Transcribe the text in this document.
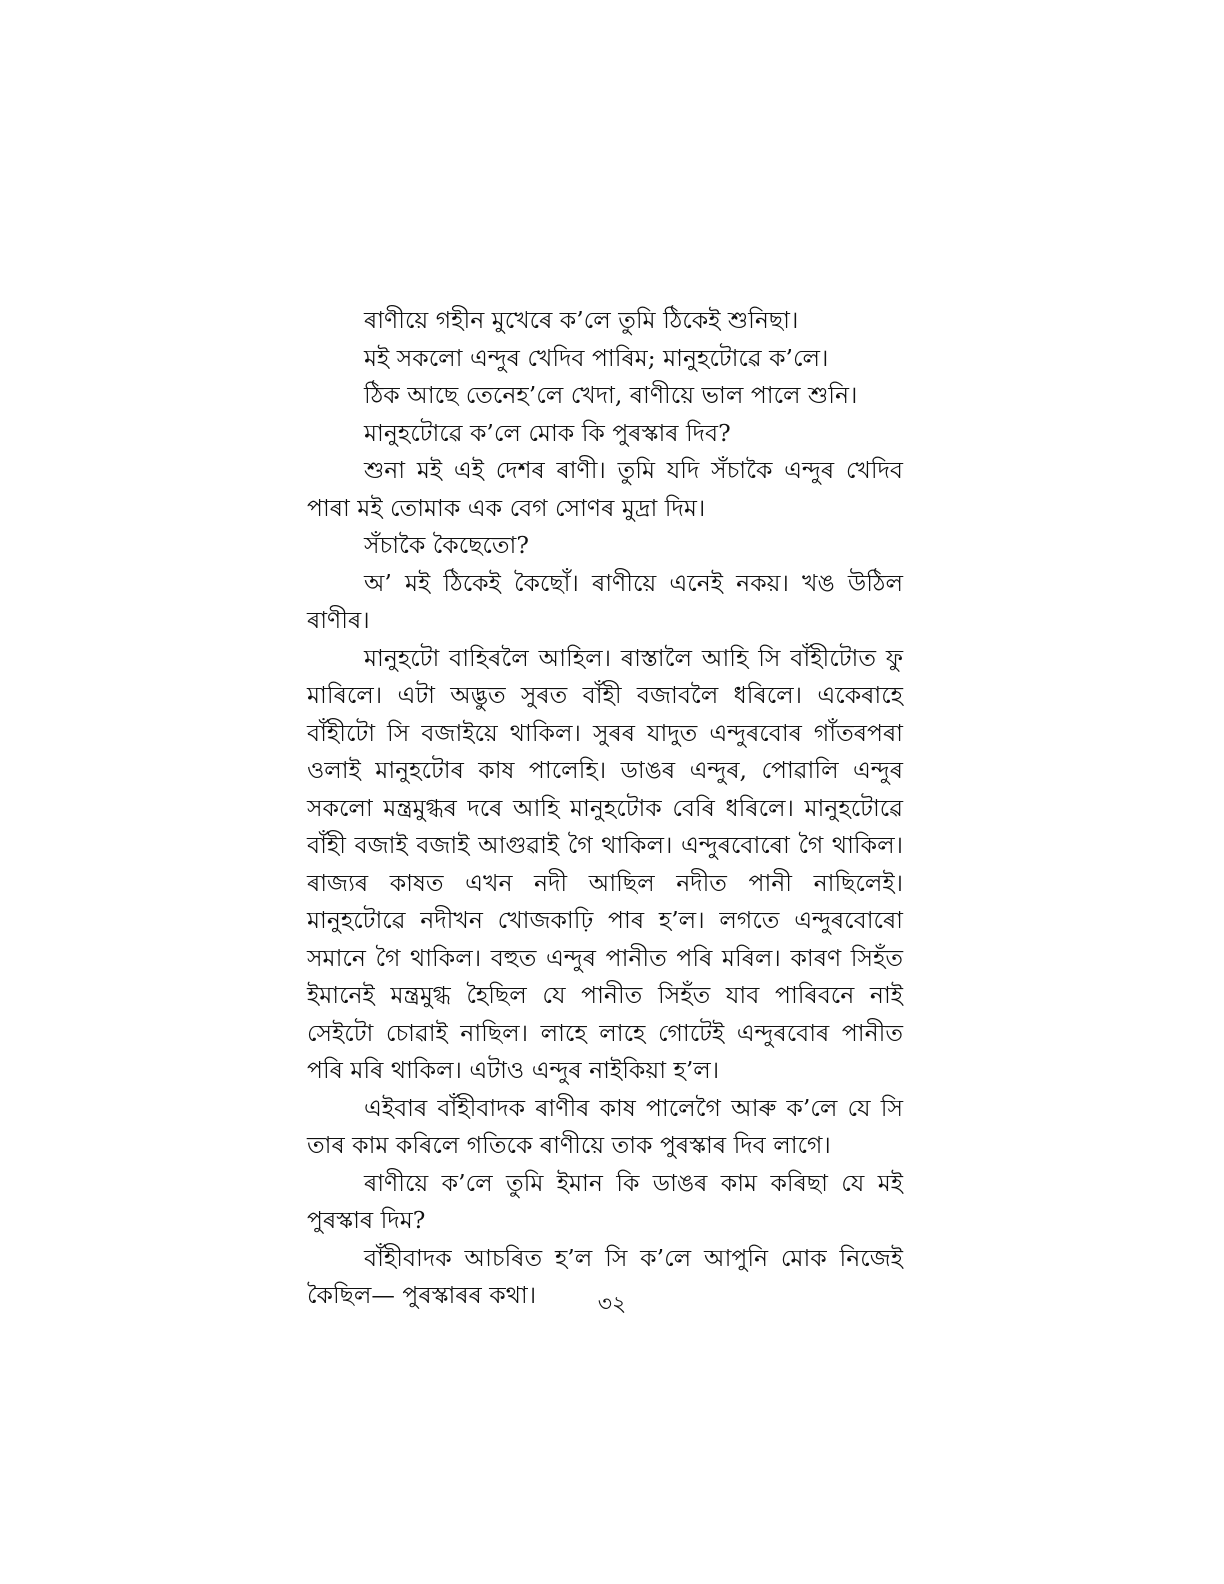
ৰাণীয়ে গহীন মুখেৰে ক’লে তুমি ঠিকেই শুনিছা।

মই সকলো এন্দুৰ খেদিব পাৰিম; মানুহটোৱে ক’লে।

ঠিক আছে তেনেহ’লে খেদা, ৰাণীয়ে ভাল পালে শুনি।

মানুহটোৱে ক’লে মোক কি পুৰস্কাৰ দিব?

শুনা মই এই দেশৰ ৰাণী। তুমি যদি সঁচাকৈ এন্দুৰ খেদিব পাৰা মই তোমাক এক বেগ সোণৰ মুদ্ৰা দিম।

সঁচাকৈ কৈছেতো?

অ’ মই ঠিকেই কৈছোঁ। ৰাণীয়ে এনেই নকয়। খঙ উঠিল ৰাণীৰ।

মানুহটো বাহিৰলৈ আহিল। ৰাস্তালৈ আহি সি বাঁহীটোত ফু মাৰিলে। এটা অদ্ভুত সুৰত বাঁহী বজাবলৈ ধৰিলে। একেৰাহে বাঁহীটো সি বজাইয়ে থাকিল। সুৰৰ যাদুত এন্দুৰবোৰ গাঁতৰপৰা ওলাই মানুহটোৰ কাষ পালেহি। ডাঙৰ এন্দুৰ, পোৱালি এন্দুৰ সকলো মন্ত্ৰমুগ্ধৰ দৰে আহি মানুহটোক বেৰি ধৰিলে। মানুহটোৱে বাঁহী বজাই বজাই আগুৱাই গৈ থাকিল। এন্দুৰবোৰো গৈ থাকিল। ৰাজ্যৰ কাষত এখন নদী আছিল নদীত পানী নাছিলেই। মানুহটোৱে নদীখন খোজকাঢ়ি পাৰ হ’ল। লগতে এন্দুৰবোৰো সমানে গৈ থাকিল। বহুত এন্দুৰ পানীত পৰি মৰিল। কাৰণ সিহঁত ইমানেই মন্ত্ৰমুগ্ধ হৈছিল যে পানীত সিহঁত যাব পাৰিবনে নাই সেইটো চোৱাই নাছিল। লাহে লাহে গোটেই এন্দুৰবোৰ পানীত পৰি মৰি থাকিল। এটাও এন্দুৰ নাইকিয়া হ’ল।

এইবাৰ বাঁহীবাদক ৰাণীৰ কাষ পালেগৈ আৰু ক’লে যে সি তাৰ কাম কৰিলে গতিকে ৰাণীয়ে তাক পুৰস্কাৰ দিব লাগে।

ৰাণীয়ে ক’লে তুমি ইমান কি ডাঙৰ কাম কৰিছা যে মই পুৰস্কাৰ দিম?

বাঁহীবাদক আচৰিত হ’ল সি ক’লে আপুনি মোক নিজেই কৈছিল— পুৰস্কাৰৰ কথা।	৩২
